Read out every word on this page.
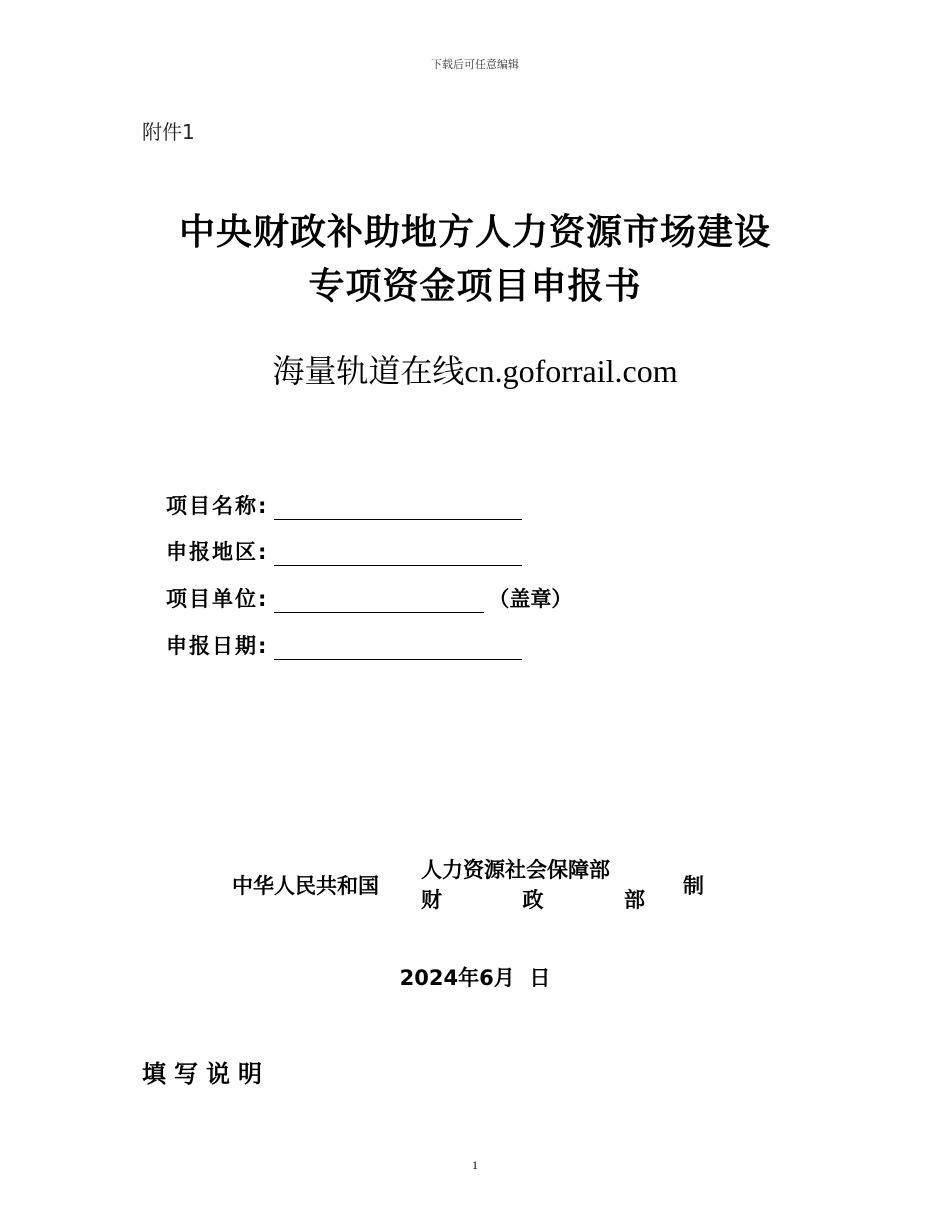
下载后可任意编辑
附件1
中央财政补助地方人力资源市场建设
专项资金项目申报书
海量轨道在线cn.goforrail.com
项目名称:
申报地区:
项目单位:	（盖章）
申报日期:
中华人民共和国
人力资源社会保障部
财	政	部
制
2024年6月  日
填写说明
1
